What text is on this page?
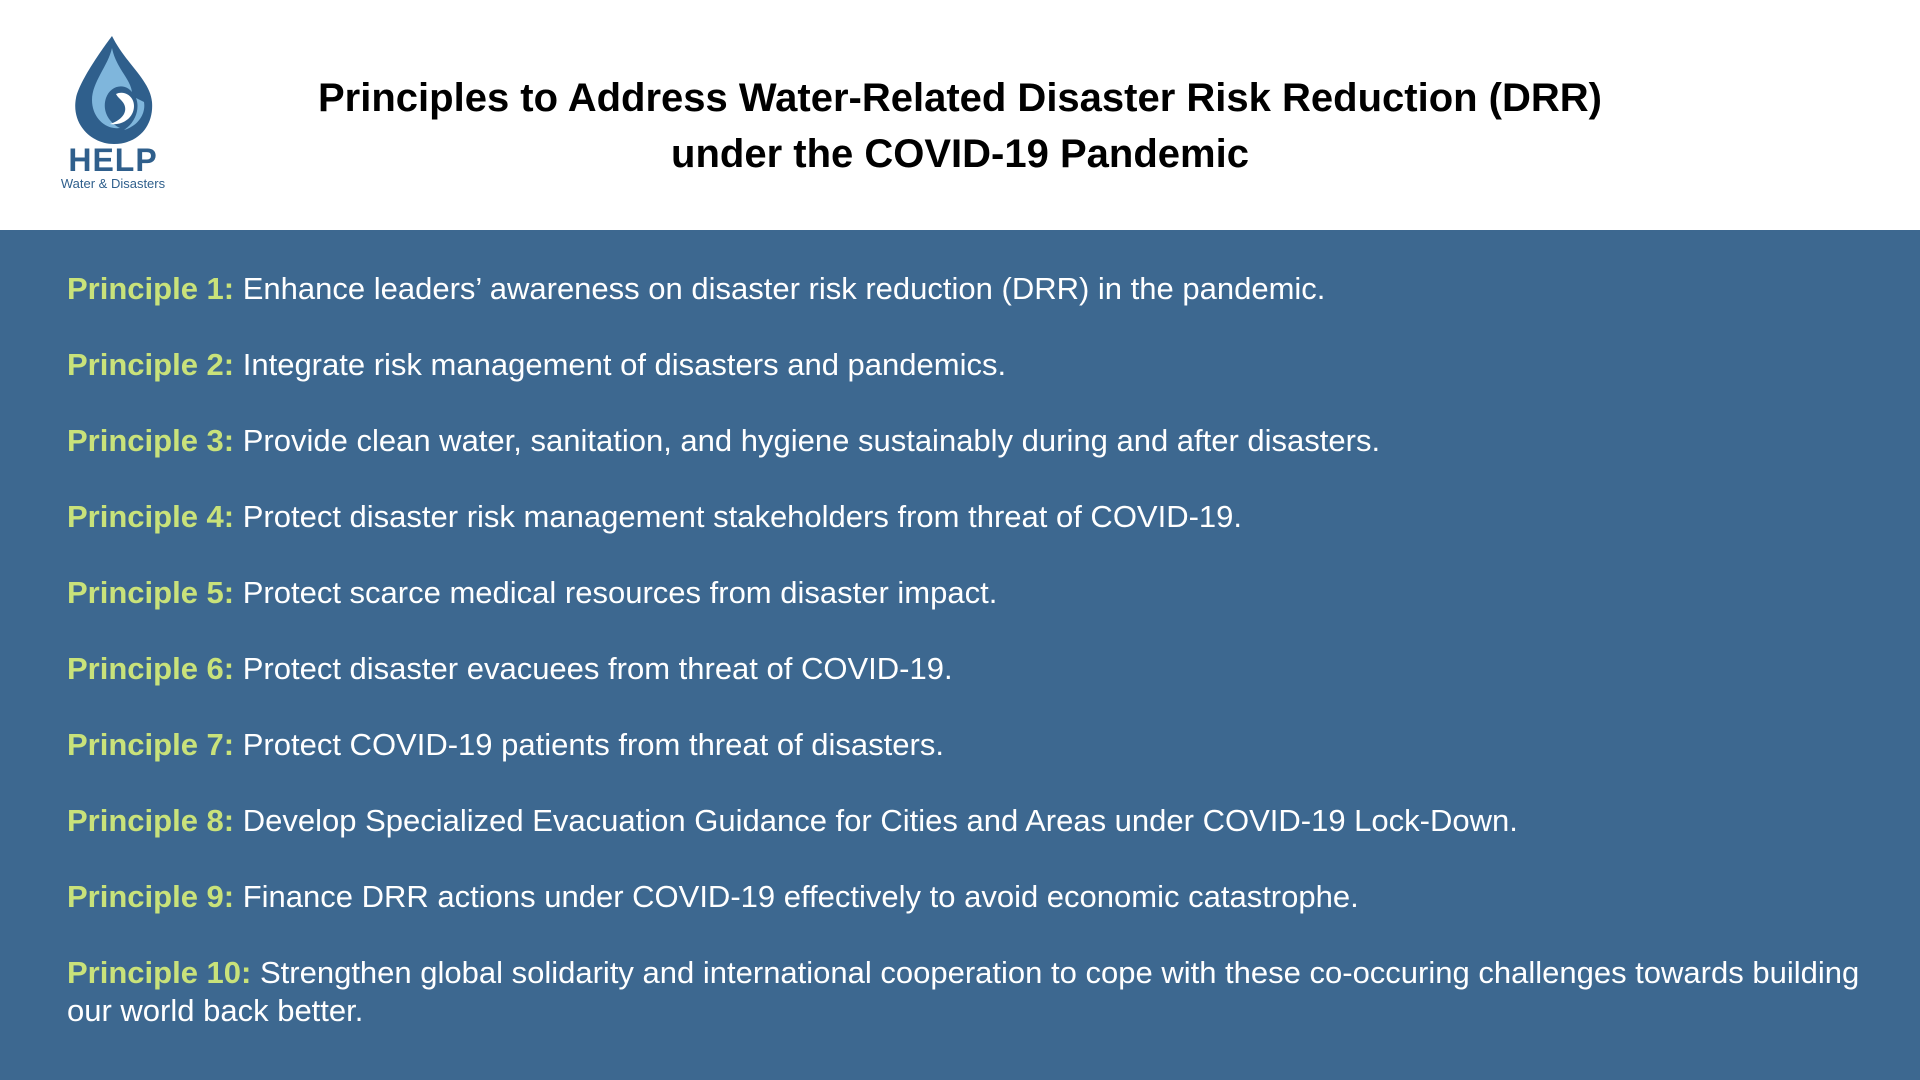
HELP
Water & Disasters
Principles to Address Water-Related Disaster Risk Reduction (DRR)
under the COVID-19 Pandemic
Principle 1: Enhance leaders’ awareness on disaster risk reduction (DRR) in the pandemic.
Principle 2: Integrate risk management of disasters and pandemics.
Principle 3: Provide clean water, sanitation, and hygiene sustainably during and after disasters.
Principle 4: Protect disaster risk management stakeholders from threat of COVID-19.
Principle 5: Protect scarce medical resources from disaster impact.
Principle 6: Protect disaster evacuees from threat of COVID-19.
Principle 7: Protect COVID-19 patients from threat of disasters.
Principle 8: Develop Specialized Evacuation Guidance for Cities and Areas under COVID-19 Lock-Down.
Principle 9: Finance DRR actions under COVID-19 effectively to avoid economic catastrophe.
Principle 10: Strengthen global solidarity and international cooperation to cope with these co-occuring challenges towards building our world back better.
